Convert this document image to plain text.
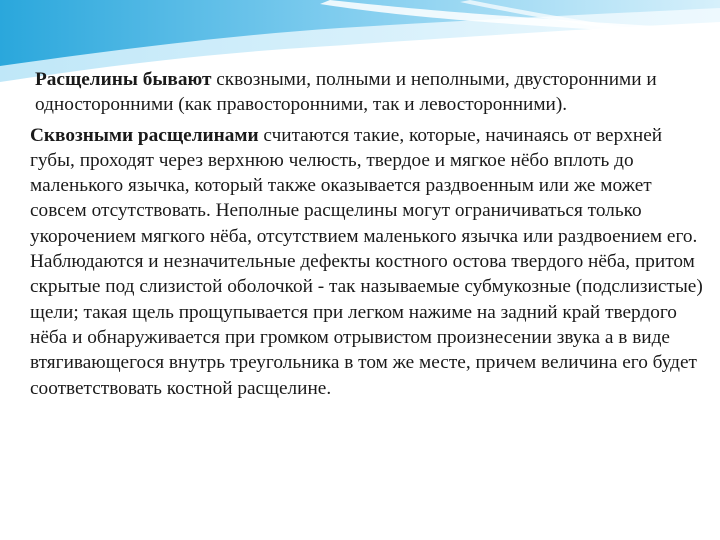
Расщелины бывают сквозными, полными и неполными, двусторонними и односторонними (как правосторонними, так и левосторонними).

Сквозными расщелинами считаются такие, которые, начинаясь от верхней губы, проходят через верхнюю челюсть, твердое и мягкое нёбо вплоть до маленького язычка, который также оказывается раздвоенным или же может совсем отсутствовать. Неполные расщелины могут ограничиваться только укорочением мягкого нёба, отсутствием маленького язычка или раздвоением его. Наблюдаются и незначительные дефекты костного остова твердого нёба, притом скрытые под слизистой оболочкой - так называемые субмукозные (подслизистые) щели; такая щель прощупывается при легком нажиме на задний край твердого нёба и обнаруживается при громком отрывистом произнесении звука а в виде втягивающегося внутрь треугольника в том же месте, причем величина его будет соответствовать костной расщелине.
